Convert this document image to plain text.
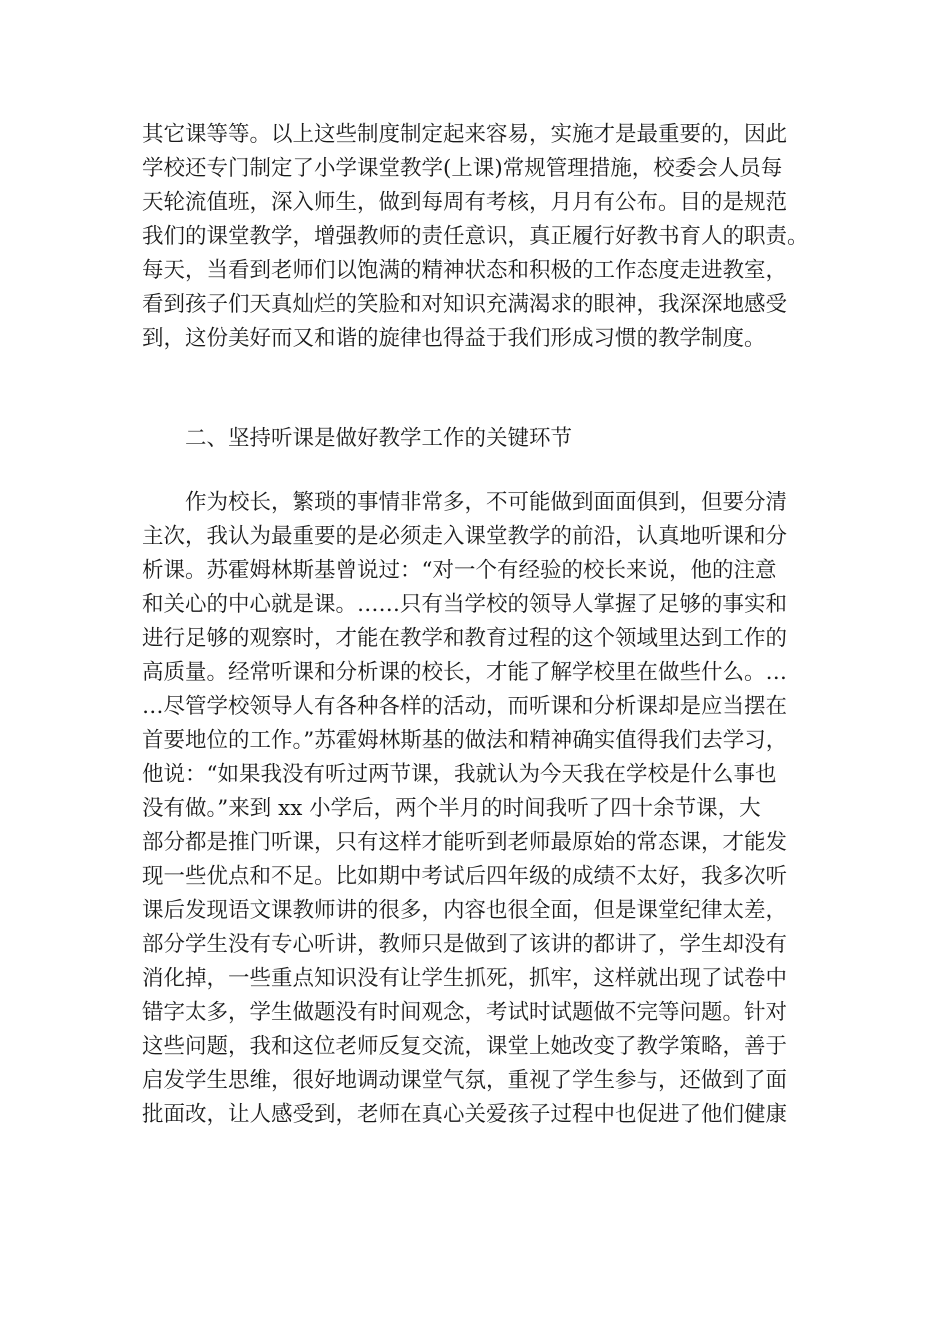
其它课等等。以上这些制度制定起来容易，实施才是最重要的，因此
学校还专门制定了小学课堂教学(上课)常规管理措施，校委会人员每
天轮流值班，深入师生，做到每周有考核，月月有公布。目的是规范
我们的课堂教学，增强教师的责任意识，真正履行好教书育人的职责。
每天，当看到老师们以饱满的精神状态和积极的工作态度走进教室，
看到孩子们天真灿烂的笑脸和对知识充满渴求的眼神，我深深地感受
到，这份美好而又和谐的旋律也得益于我们形成习惯的教学制度。
二、坚持听课是做好教学工作的关键环节
作为校长，繁琐的事情非常多，不可能做到面面俱到，但要分清
主次，我认为最重要的是必须走入课堂教学的前沿，认真地听课和分
析课。苏霍姆林斯基曾说过：“对一个有经验的校长来说，他的注意
和关心的中心就是课。……只有当学校的领导人掌握了足够的事实和
进行足够的观察时，才能在教学和教育过程的这个领域里达到工作的
高质量。经常听课和分析课的校长，才能了解学校里在做些什么。…
…尽管学校领导人有各种各样的活动，而听课和分析课却是应当摆在
首要地位的工作。”苏霍姆林斯基的做法和精神确实值得我们去学习，
他说：“如果我没有听过两节课，我就认为今天我在学校是什么事也
没有做。”来到 xx 小学后，两个半月的时间我听了四十余节课，大
部分都是推门听课，只有这样才能听到老师最原始的常态课，才能发
现一些优点和不足。比如期中考试后四年级的成绩不太好，我多次听
课后发现语文课教师讲的很多，内容也很全面，但是课堂纪律太差，
部分学生没有专心听讲，教师只是做到了该讲的都讲了，学生却没有
消化掉，一些重点知识没有让学生抓死，抓牢，这样就出现了试卷中
错字太多，学生做题没有时间观念，考试时试题做不完等问题。针对
这些问题，我和这位老师反复交流，课堂上她改变了教学策略，善于
启发学生思维，很好地调动课堂气氛，重视了学生参与，还做到了面
批面改，让人感受到，老师在真心关爱孩子过程中也促进了他们健康
